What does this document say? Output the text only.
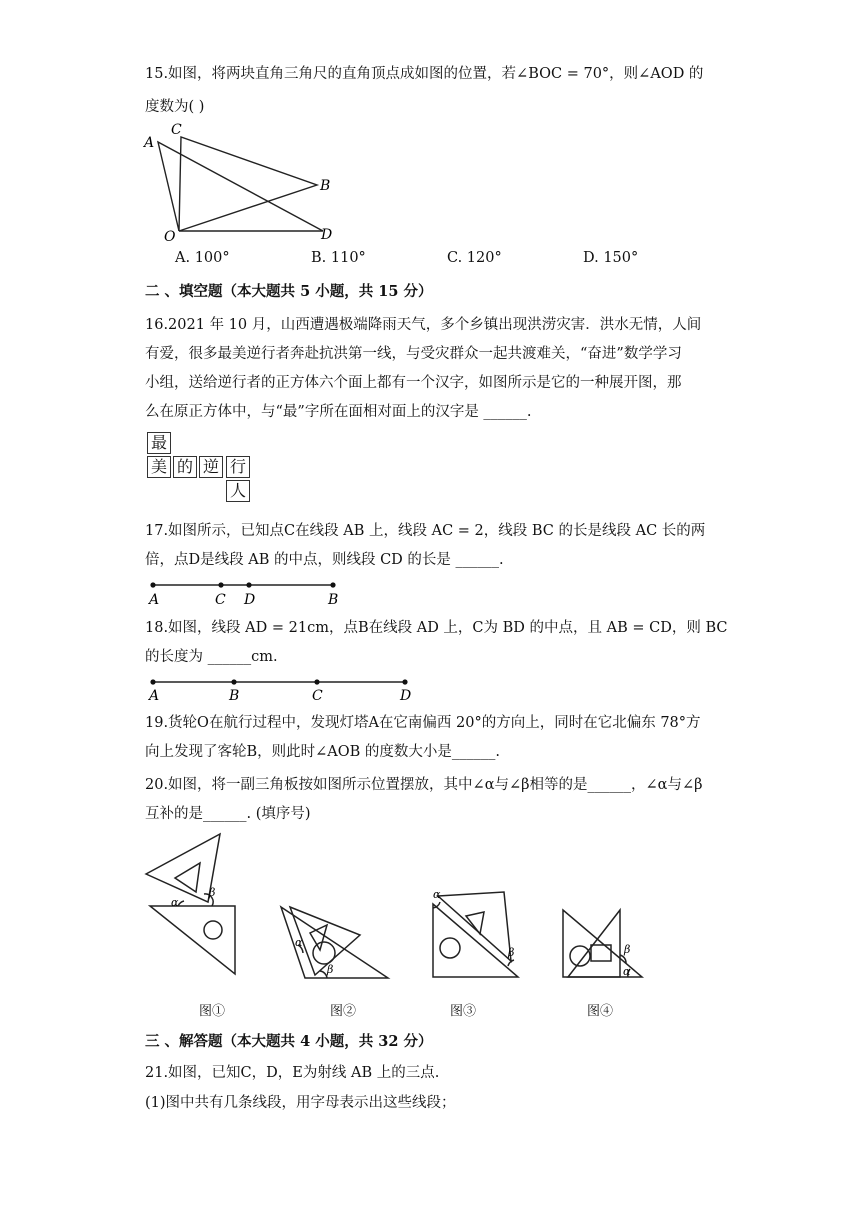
15.如图，将两块直角三角尺的直角顶点成如图的位置，若∠BOC = 70°，则∠AOD 的
度数为( )
A
C
B
D
O
A. 100°	B. 110°	C. 120°	D. 150°
二 、填空题（本大题共 5 小题，共 15 分）
16.2021 年 10 月，山西遭遇极端降雨天气，多个乡镇出现洪涝灾害．洪水无情，人间
有爱，很多最美逆行者奔赴抗洪第一线，与受灾群众一起共渡难关，“奋进”数学学习
小组，送给逆行者的正方体六个面上都有一个汉字，如图所示是它的一种展开图，那
么在原正方体中，与“最”字所在面相对面上的汉字是 ______.
最
美 的 逆 行
人
17.如图所示，已知点C在线段 AB 上，线段 AC = 2，线段 BC 的长是线段 AC 长的两
倍，点D是线段 AB 的中点，则线段 CD 的长是 ______.
A	C D	B
18.如图，线段 AD = 21cm，点B在线段 AD 上，C为 BD 的中点，且 AB = CD，则 BC
的长度为 ______cm.
A	B	C	D
19.货轮O在航行过程中，发现灯塔A在它南偏西 20°的方向上，同时在它北偏东 78°方
向上发现了客轮B，则此时∠AOB 的度数大小是______.
20.如图，将一副三角板按如图所示位置摆放，其中∠α与∠β相等的是______，∠α与∠β
互补的是______. (填序号)
α
β
α
β
α
β	β
α
图①	图②	图③	图④
三 、解答题（本大题共 4 小题，共 32 分）
21.如图，已知C，D，E为射线 AB 上的三点.
(1)图中共有几条线段，用字母表示出这些线段；
